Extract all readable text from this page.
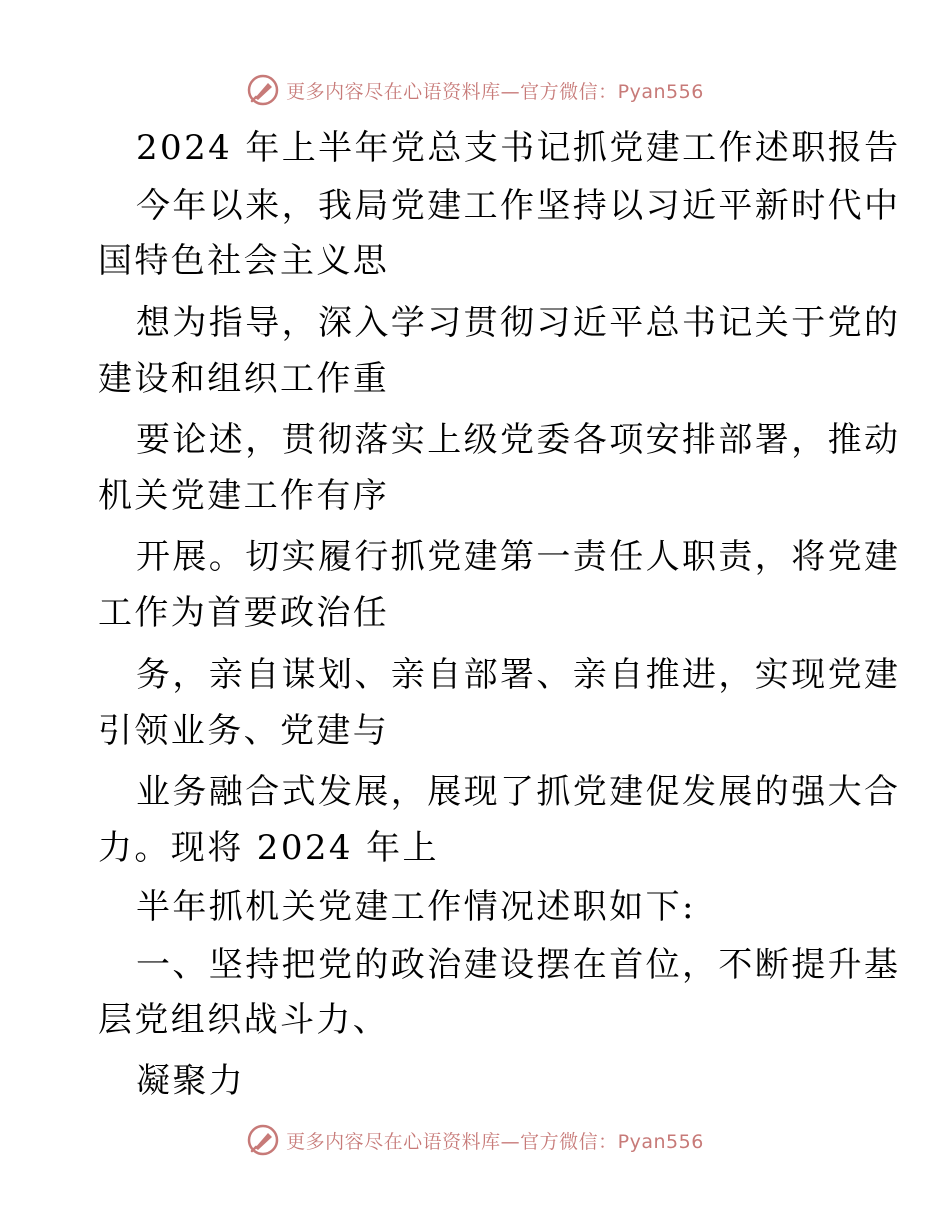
更多内容尽在心语资料库—官方微信：Pyan556
2024 年上半年党总支书记抓党建工作述职报告
今年以来，我局党建工作坚持以习近平新时代中
国特色社会主义思
想为指导，深入学习贯彻习近平总书记关于党的
建设和组织工作重
要论述，贯彻落实上级党委各项安排部署，推动
机关党建工作有序
开展。切实履行抓党建第一责任人职责，将党建
工作为首要政治任
务，亲自谋划、亲自部署、亲自推进，实现党建
引领业务、党建与
业务融合式发展，展现了抓党建促发展的强大合
力。现将 2024 年上
半年抓机关党建工作情况述职如下:
一、坚持把党的政治建设摆在首位，不断提升基
层党组织战斗力、
凝聚力
更多内容尽在心语资料库—官方微信：Pyan556
